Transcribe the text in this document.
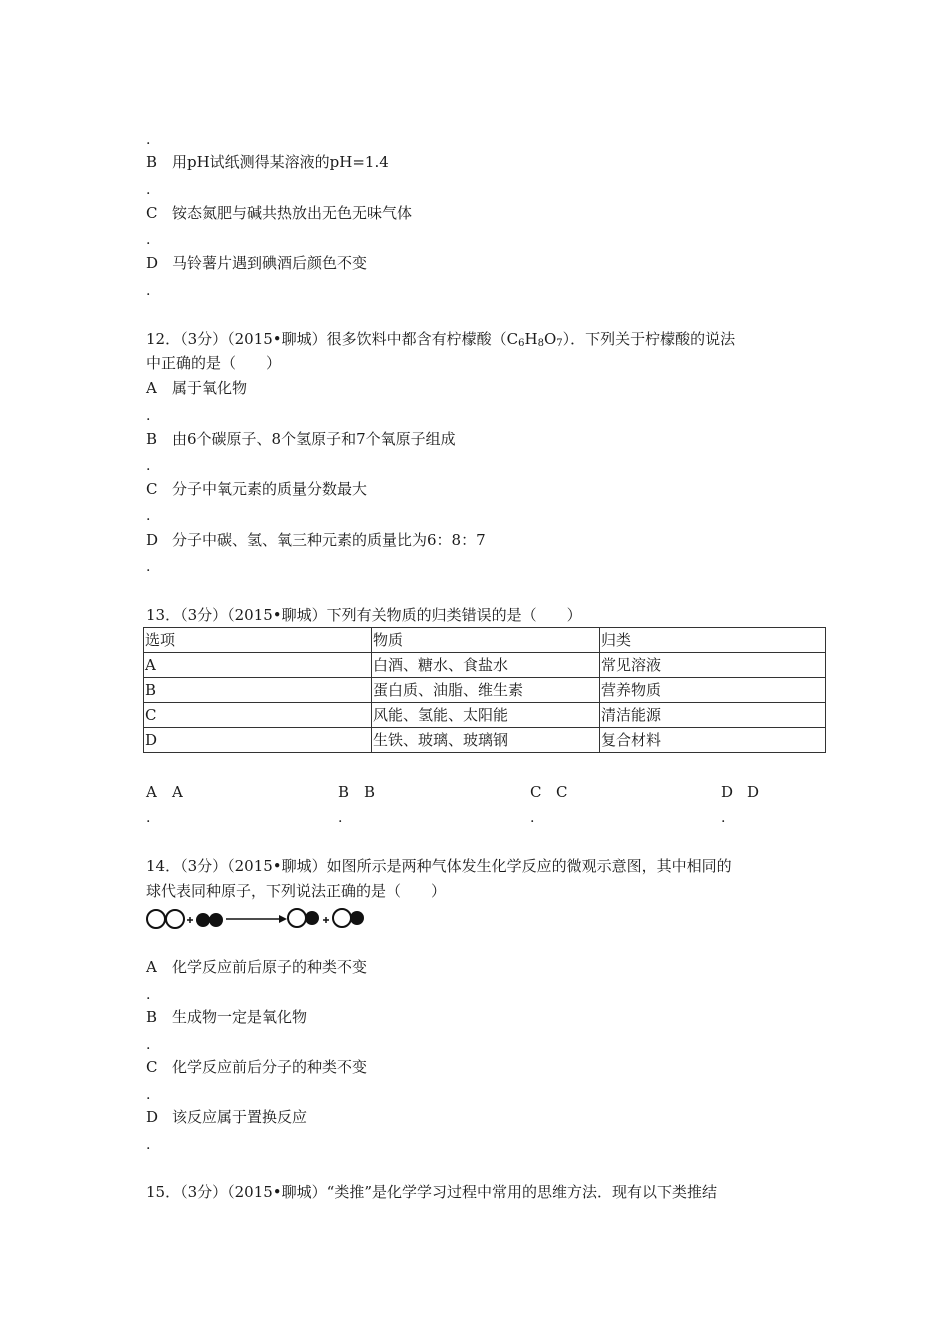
.
B 用pH试纸测得某溶液的pH=1.4
.
C 铵态氮肥与碱共热放出无色无味气体
.
D 马铃薯片遇到碘酒后颜色不变
.
12．（3分）（2015•聊城）很多饮料中都含有柠檬酸$(C_6H_8O_7)$．下列关于柠檬酸的说法
中正确的是（　　）
A 属于氧化物
.
B 由6个碳原子、8个氢原子和7个氧原子组成
.
C 分子中氧元素的质量分数最大
.
D 分子中碳、氢、氧三种元素的质量比为6：8：7
.
13．（3分）（2015•聊城）下列有关物质的归类错误的是（　　）
选项	物质	归类
A	白酒、糖水、食盐水	常见溶液
B	蛋白质、油脂、维生素	营养物质
C	风能、氢能、太阳能	清洁能源
D	生铁、玻璃、玻璃钢	复合材料
A A	B B	C C	D D
.	.	.	.
14．（3分）（2015•聊城）如图所示是两种气体发生化学反应的微观示意图，其中相同的
球代表同种原子，下列说法正确的是（　　）
A 化学反应前后原子的种类不变
.
B 生成物一定是氧化物
.
C 化学反应前后分子的种类不变
.
D 该反应属于置换反应
.
15．（3分）（2015•聊城）“类推”是化学学习过程中常用的思维方法．现有以下类推结
